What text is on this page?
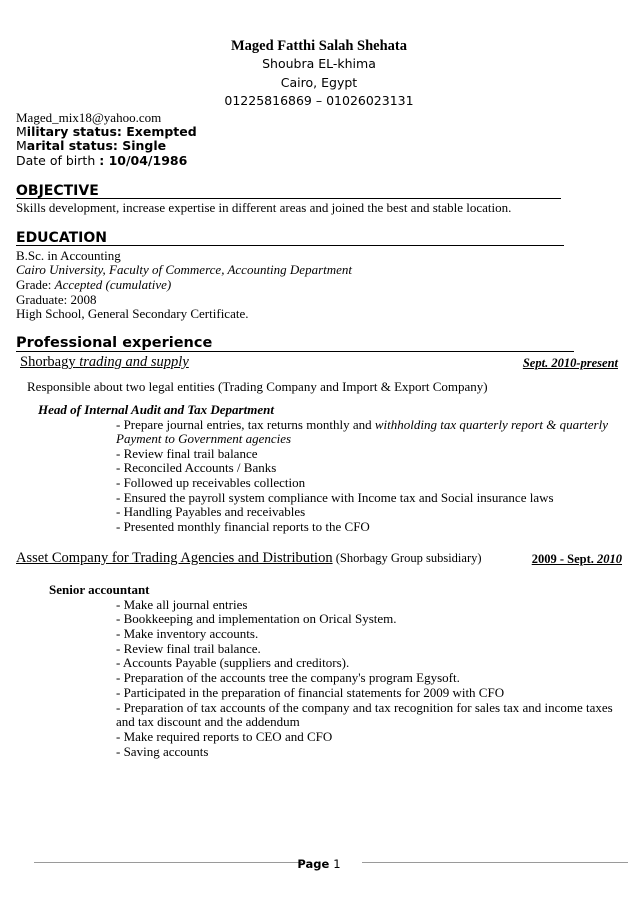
Maged Fatthi Salah Shehata
Shoubra EL-khima
Cairo, Egypt
01225816869 – 01026023131
Maged_mix18@yahoo.com
Military status: Exempted
Marital status: Single
Date of birth : 10/04/1986
OBJECTIVE
Skills development, increase expertise in different areas and joined the best and stable location.
EDUCATION
B.Sc. in Accounting
Cairo University, Faculty of Commerce, Accounting Department
Grade: Accepted (cumulative)
Graduate: 2008
High School, General Secondary Certificate.
Professional experience
Shorbagy trading and supply	Sept. 2010-present
Responsible about two legal entities (Trading Company and Import & Export Company)
Head of Internal Audit and Tax Department
- Prepare journal entries, tax returns monthly and withholding tax quarterly report & quarterly
Payment to Government agencies
- Review final trail balance
- Reconciled Accounts / Banks
- Followed up receivables collection
- Ensured the payroll system compliance with Income tax and Social insurance laws
- Handling Payables and receivables
- Presented monthly financial reports to the CFO
Asset Company for Trading Agencies and Distribution (Shorbagy Group subsidiary)	2009 - Sept. 2010
Senior accountant
- Make all journal entries
- Bookkeeping and implementation on Orical System.
- Make inventory accounts.
- Review final trail balance.
- Accounts Payable (suppliers and creditors).
- Preparation of the accounts tree the company's program Egysoft.
- Participated in the preparation of financial statements for 2009 with CFO
- Preparation of tax accounts of the company and tax recognition for sales tax and income taxes
and tax discount and the addendum
- Make required reports to CEO and CFO
- Saving accounts
Page 1
